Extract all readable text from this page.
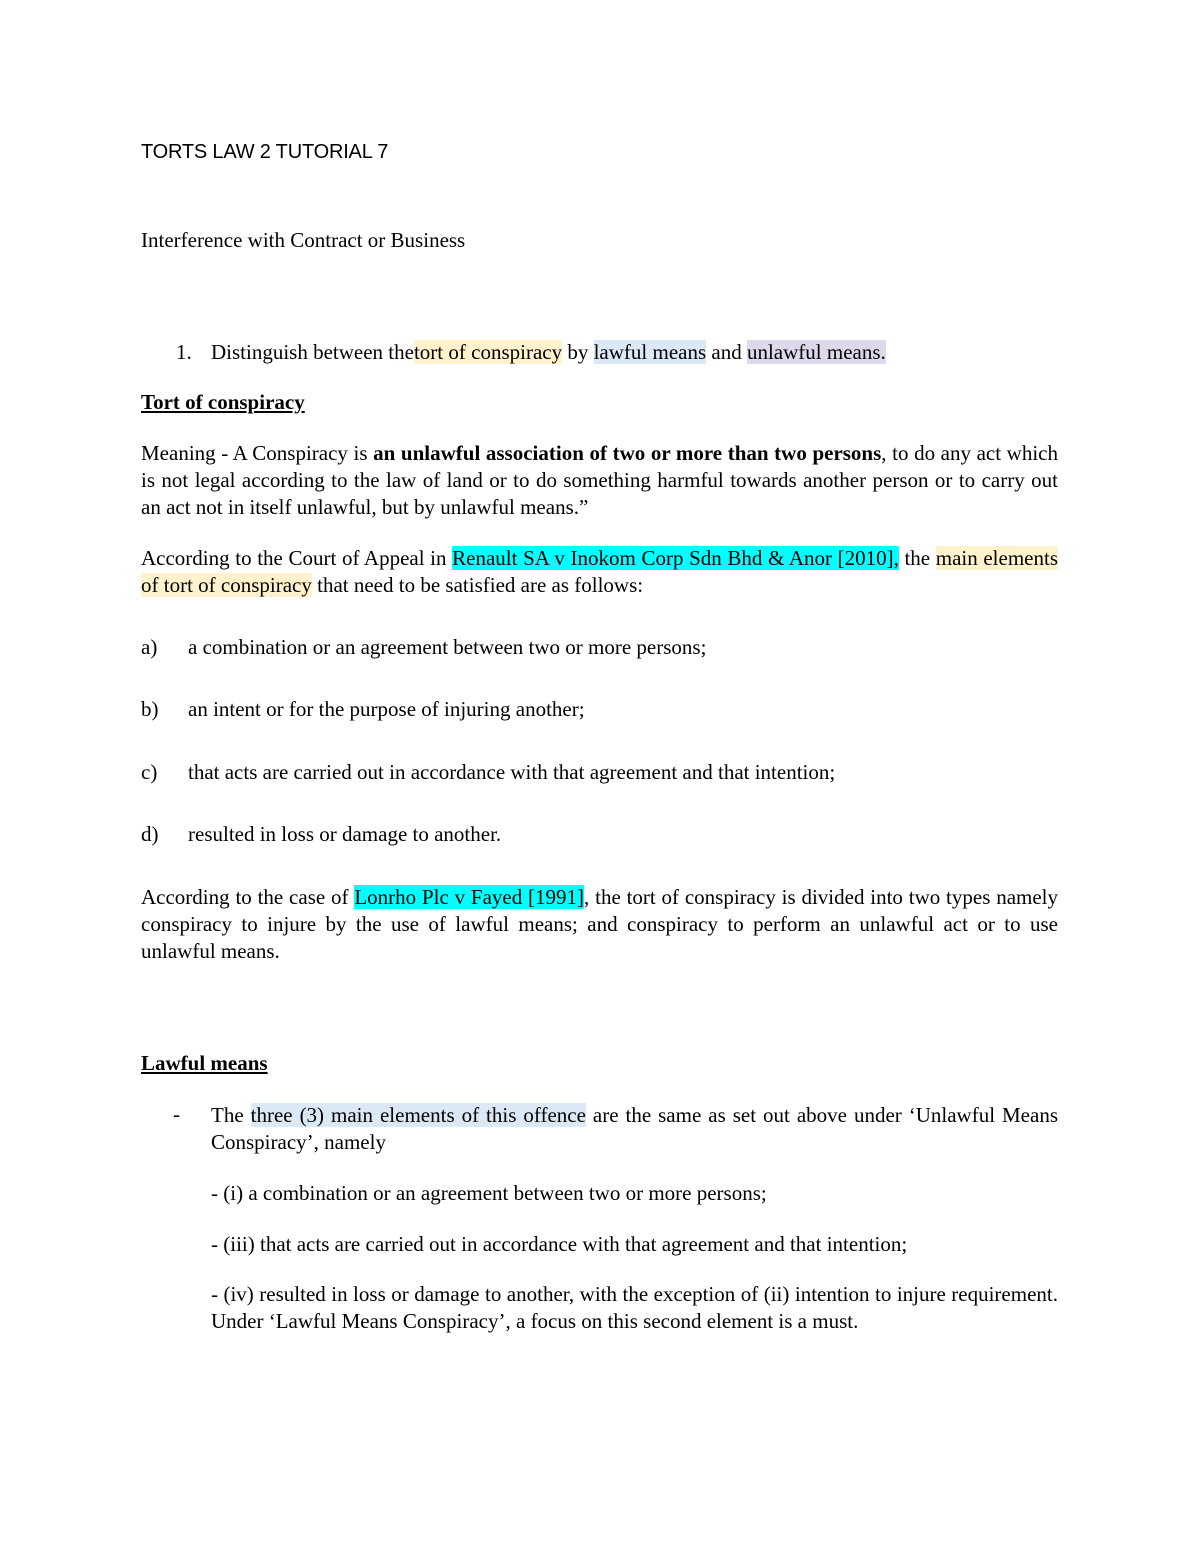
TORTS LAW 2 TUTORIAL 7
Interference with Contract or Business
1. Distinguish between thetort of conspiracy by lawful means and unlawful means.
Tort of conspiracy
Meaning - A Conspiracy is an unlawful association of two or more than two persons, to do any act which is not legal according to the law of land or to do something harmful towards another person or to carry out an act not in itself unlawful, but by unlawful means.”
According to the Court of Appeal in Renault SA v Inokom Corp Sdn Bhd & Anor [2010], the main elements of tort of conspiracy that need to be satisfied are as follows:
a) a combination or an agreement between two or more persons;
b) an intent or for the purpose of injuring another;
c) that acts are carried out in accordance with that agreement and that intention;
d) resulted in loss or damage to another.
According to the case of Lonrho Plc v Fayed [1991], the tort of conspiracy is divided into two types namely conspiracy to injure by the use of lawful means; and conspiracy to perform an unlawful act or to use unlawful means.
Lawful means
- The three (3) main elements of this offence are the same as set out above under ‘Unlawful Means Conspiracy’, namely
- (i) a combination or an agreement between two or more persons;
- (iii) that acts are carried out in accordance with that agreement and that intention;
- (iv) resulted in loss or damage to another, with the exception of (ii) intention to injure requirement. Under ‘Lawful Means Conspiracy’, a focus on this second element is a must.
